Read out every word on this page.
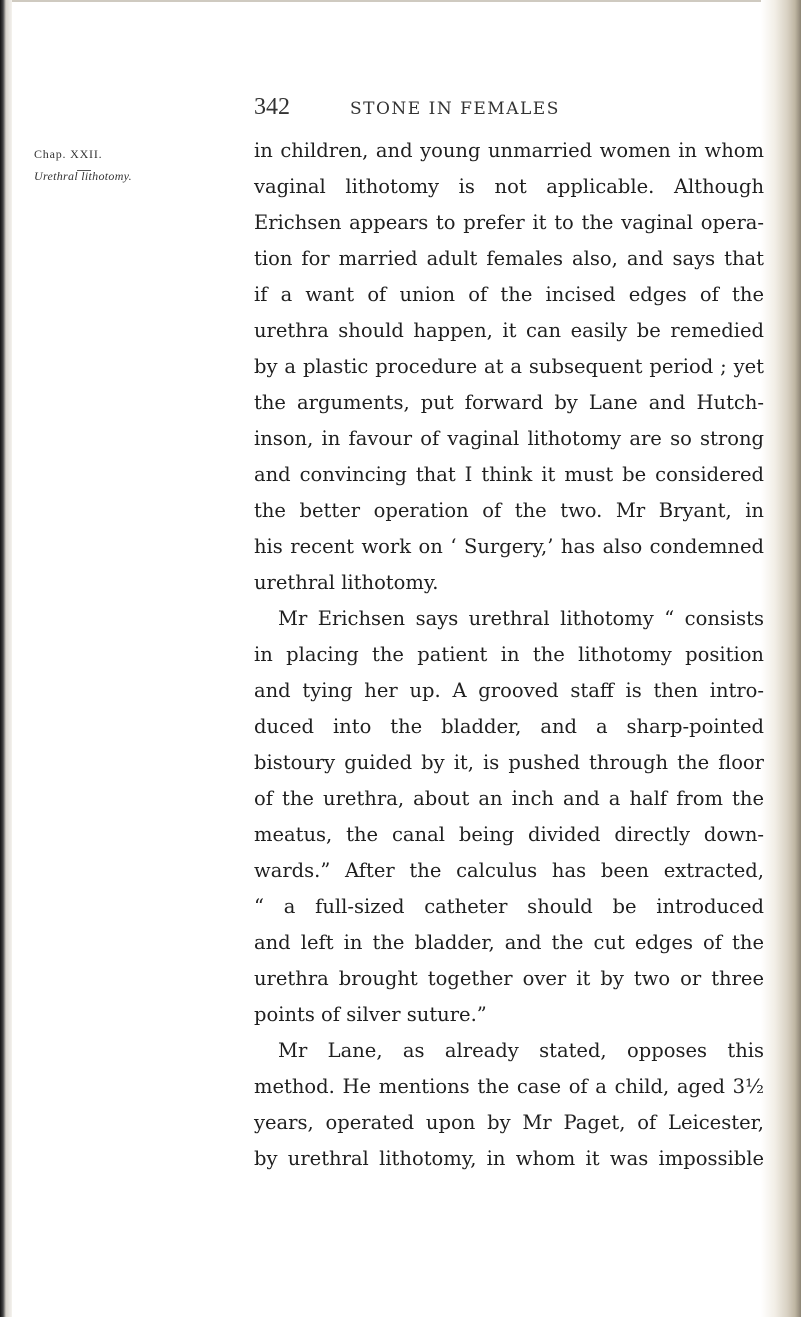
342	STONE IN FEMALES
Chap. XXII.
Urethral lithotomy.
in children, and young unmarried women in whom
vaginal lithotomy is not applicable. Although
Erichsen appears to prefer it to the vaginal opera-
tion for married adult females also, and says that
if a want of union of the incised edges of the
urethra should happen, it can easily be remedied
by a plastic procedure at a subsequent period ; yet
the arguments, put forward by Lane and Hutch-
inson, in favour of vaginal lithotomy are so strong
and convincing that I think it must be considered
the better operation of the two. Mr Bryant, in
his recent work on ‘ Surgery,’ has also condemned
urethral lithotomy.
Mr Erichsen says urethral lithotomy “ consists
in placing the patient in the lithotomy position
and tying her up. A grooved staff is then intro-
duced into the bladder, and a sharp-pointed
bistoury guided by it, is pushed through the floor
of the urethra, about an inch and a half from the
meatus, the canal being divided directly down-
wards.” After the calculus has been extracted,
“ a full-sized catheter should be introduced
and left in the bladder, and the cut edges of the
urethra brought together over it by two or three
points of silver suture.”
Mr Lane, as already stated, opposes this
method. He mentions the case of a child, aged 3½
years, operated upon by Mr Paget, of Leicester,
by urethral lithotomy, in whom it was impossible
